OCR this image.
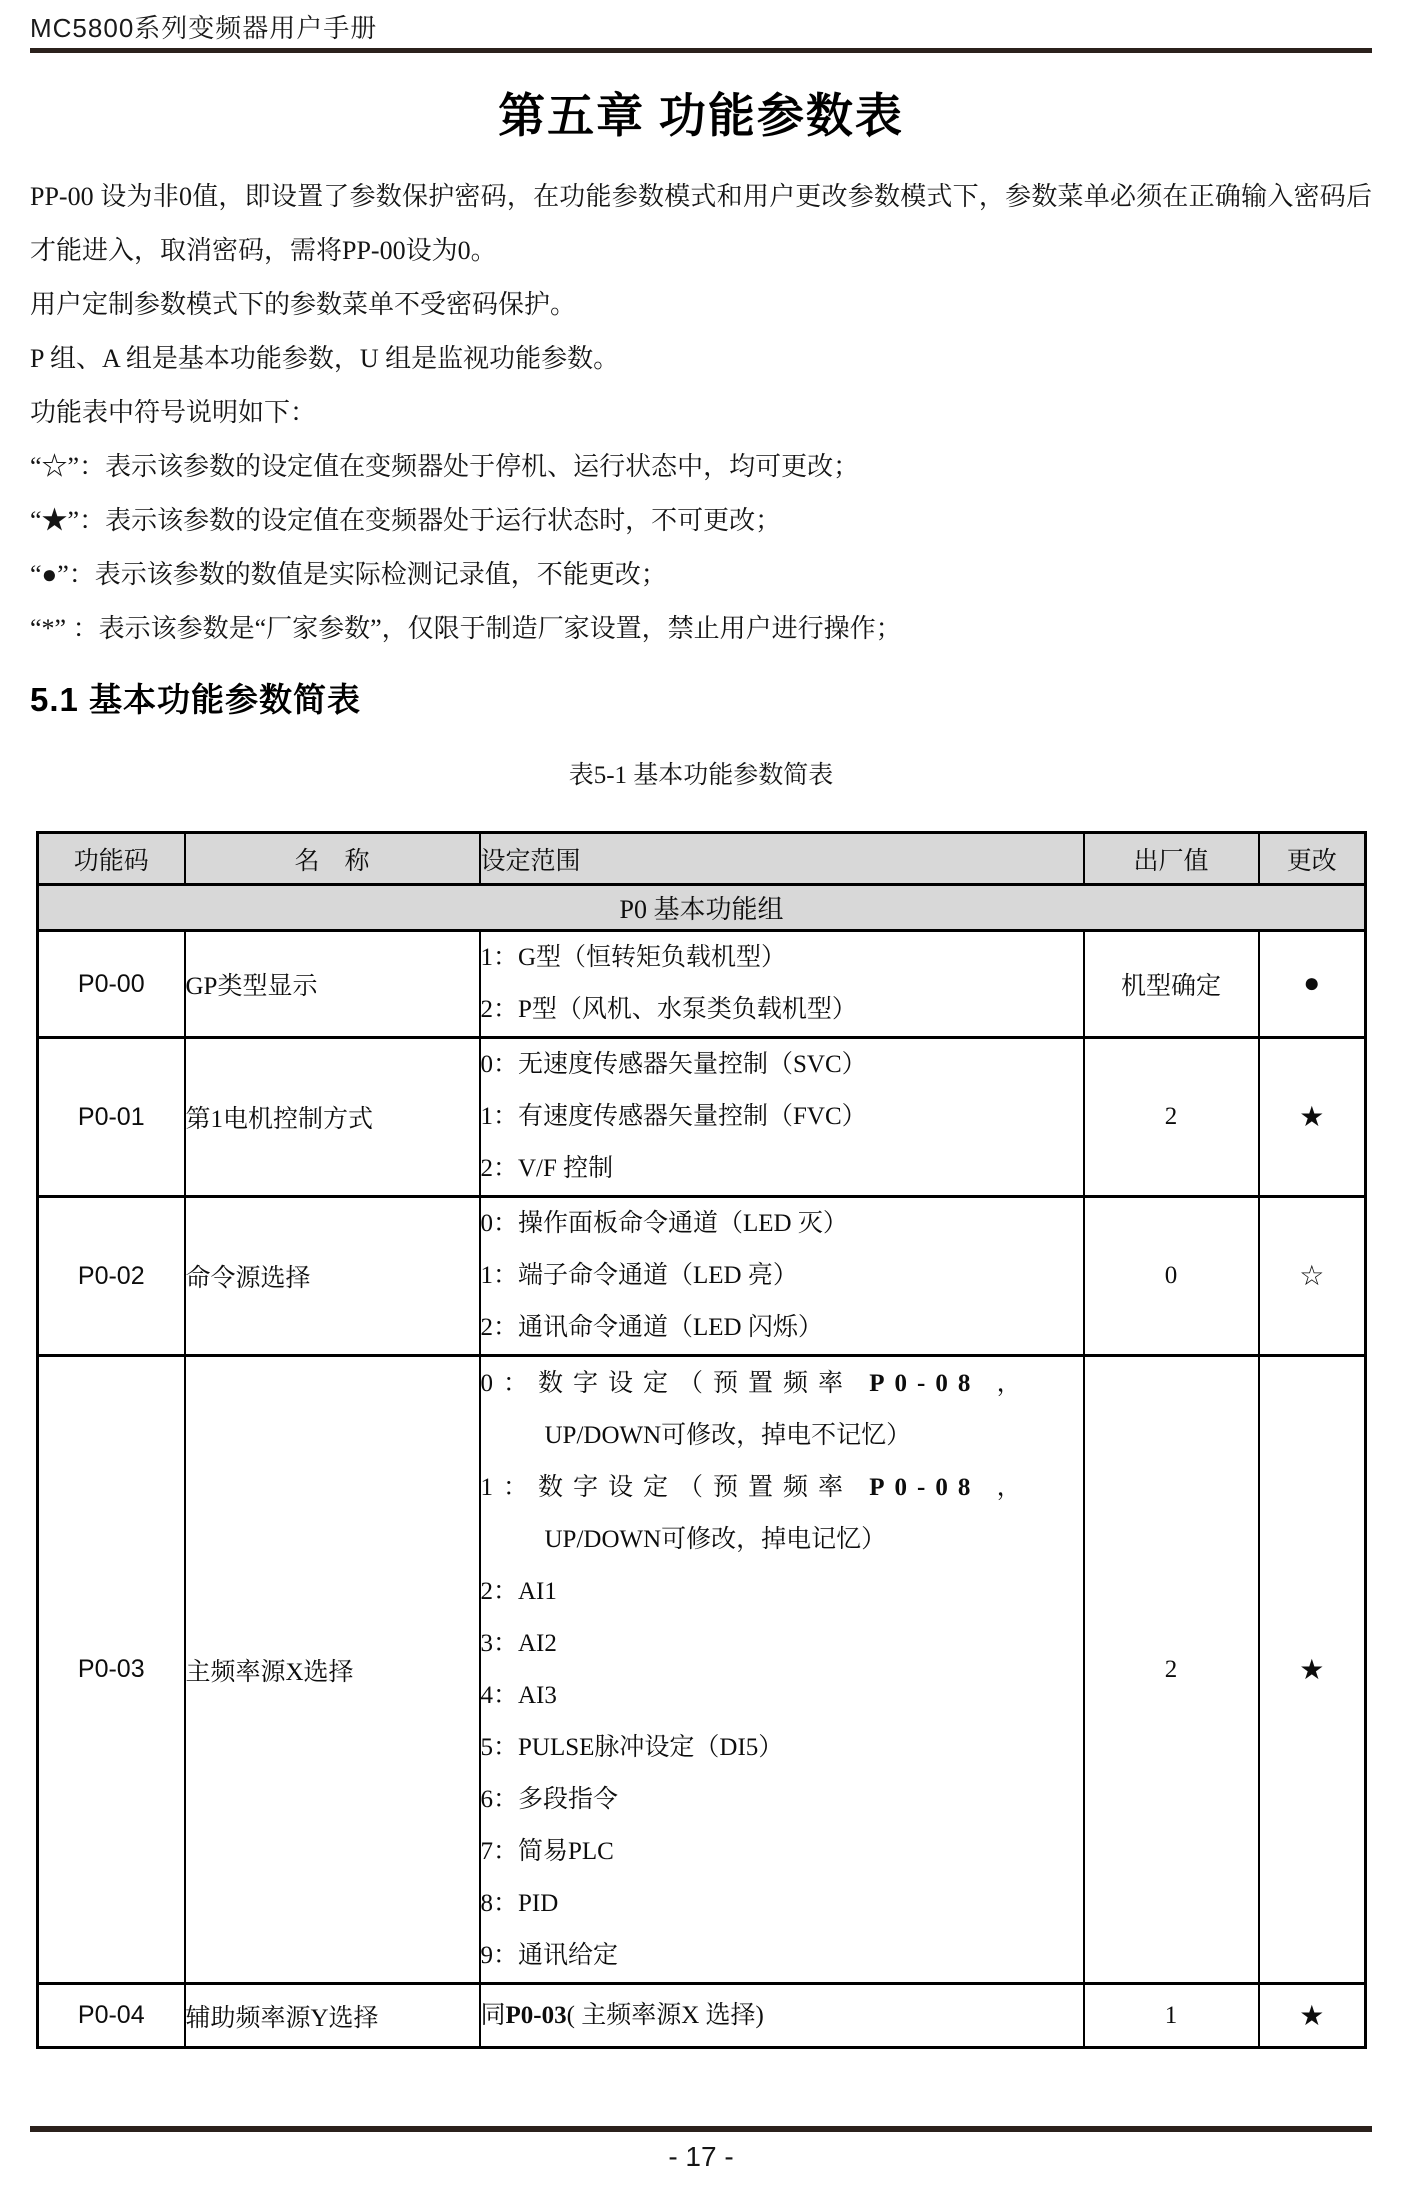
MC5800系列变频器用户手册
第五章 功能参数表

PP-00 设为非0值，即设置了参数保护密码，在功能参数模式和用户更改参数模式下，参数菜单必须在正确输入密码后才能进入，取消密码，需将PP-00设为0。

用户定制参数模式下的参数菜单不受密码保护。

P 组、A 组是基本功能参数，U 组是监视功能参数。

功能表中符号说明如下：

“☆”：表示该参数的设定值在变频器处于停机、运行状态中，均可更改；

“★”：表示该参数的设定值在变频器处于运行状态时，不可更改；

“●”：表示该参数的数值是实际检测记录值，不能更改；

“*” ：表示该参数是“厂家参数”，仅限于制造厂家设置，禁止用户进行操作；

5.1 基本功能参数简表
表5-1 基本功能参数简表
功能码	名　称	设定范围	出厂值	更改
P0 基本功能组				
P0-00	GP类型显示	1：G型（恒转矩负载机型）
2：P型（风机、水泵类负载机型）	机型确定	●
P0-01	第1电机控制方式	0：无速度传感器矢量控制（SVC）
1：有速度传感器矢量控制（FVC）
2：V/F 控制	2	★
P0-02	命令源选择	0：操作面板命令通道（LED 灭）
1：端子命令通道（LED 亮）
2：通讯命令通道（LED 闪烁）	0	☆
P0-03	主频率源X选择	
0：数字设定（预置频率 P0-08 ，
UP/DOWN可修改，掉电不记忆）
1：数字设定（预置频率 P0-08 ，
UP/DOWN可修改，掉电记忆）
2：AI1
3：AI2
4：AI3
5：PULSE脉冲设定（DI5）
6：多段指令
7：简易PLC
8：PID
9：通讯给定
	2	★
P0-04	辅助频率源Y选择	同P0-03( 主频率源X 选择)	1	★
- 17 -
